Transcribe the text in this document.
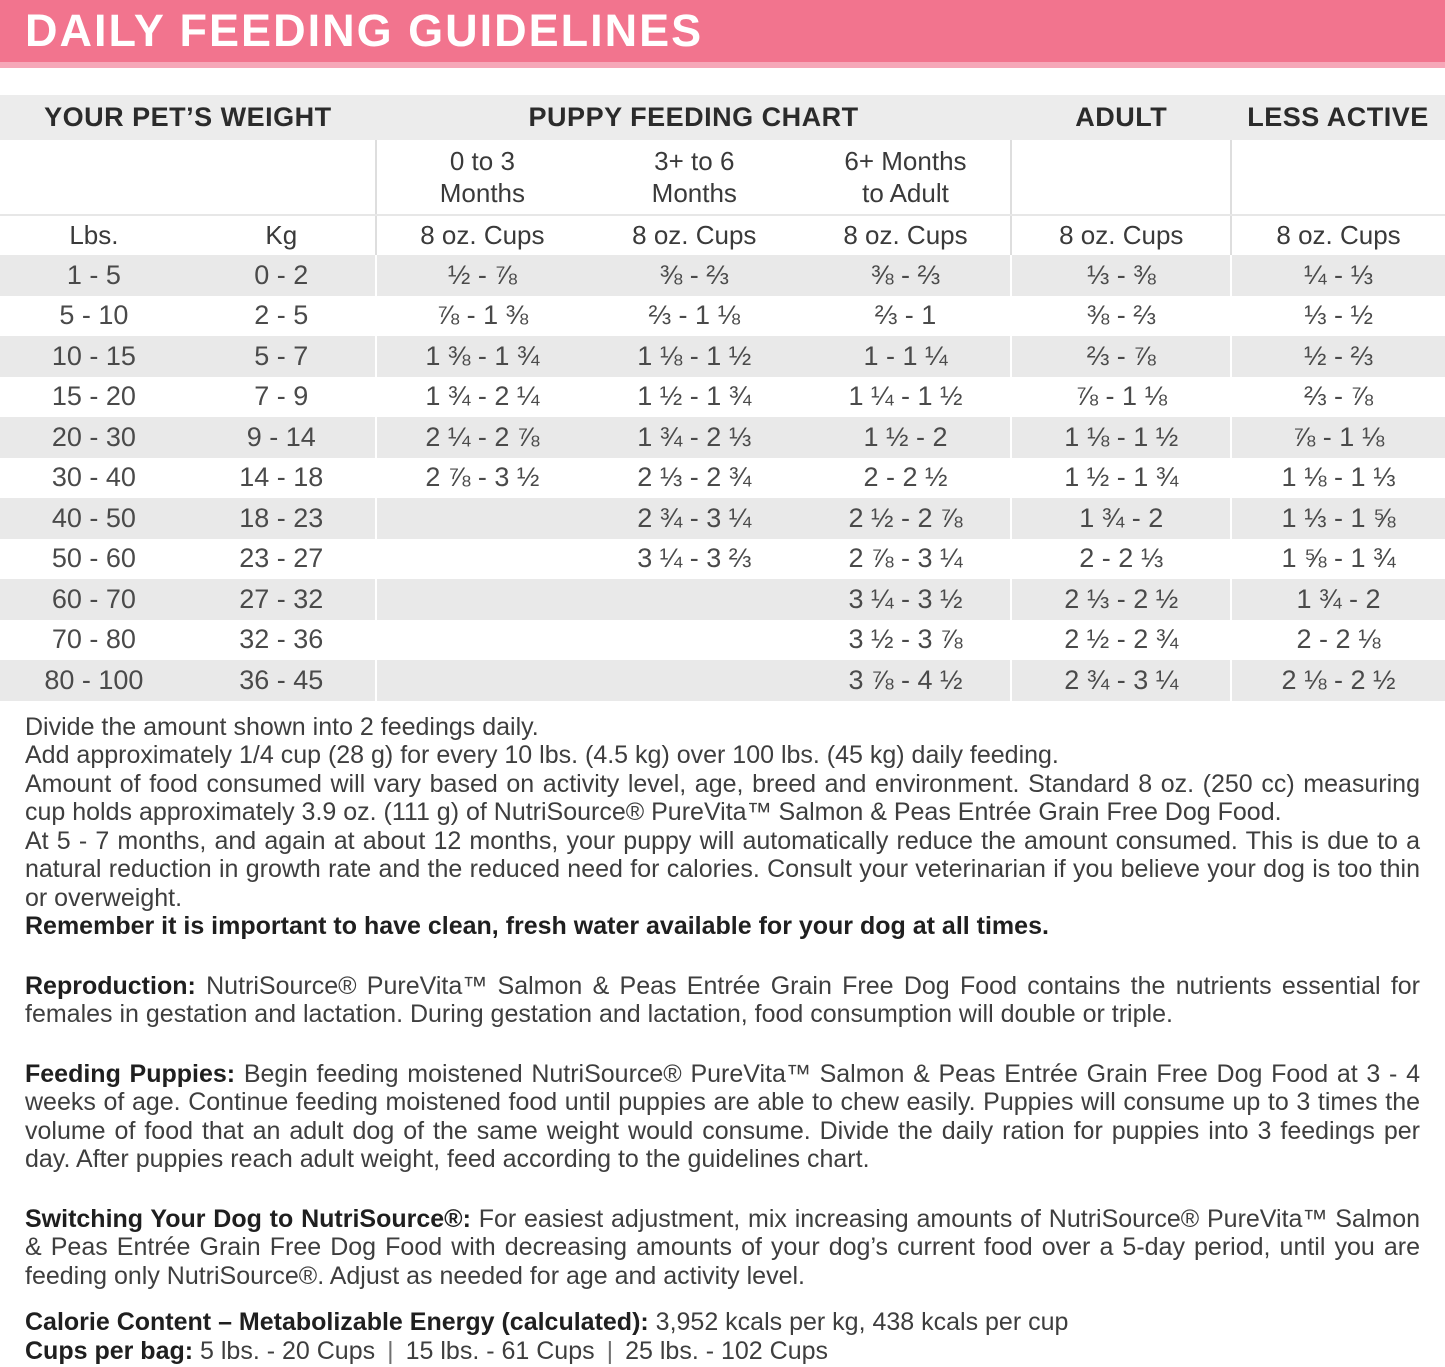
DAILY FEEDING GUIDELINES
YOUR PET’S WEIGHT		PUPPY FEEDING CHART			ADULT	LESS ACTIVE

0 to 3
Months

3+ to 6
Months

6+ Months
to Adult

Lbs.	Kg	8 oz. Cups	8 oz. Cups	8 oz. Cups	8 oz. Cups	8 oz. Cups
1 - 5	0 - 2	½ - ⅞	⅜ - ⅔	⅜ - ⅔	⅓ - ⅜	¼ - ⅓
5 - 10	2 - 5	⅞ - 1 ⅜	⅔ - 1 ⅛	⅔ - 1	⅜ - ⅔	⅓ - ½
10 - 15	5 - 7	1 ⅜ - 1 ¾	1 ⅛ - 1 ½	1 - 1 ¼	⅔ - ⅞	½ - ⅔
15 - 20	7 - 9	1 ¾ - 2 ¼	1 ½ - 1 ¾	1 ¼ - 1 ½	⅞ - 1 ⅛	⅔ - ⅞
20 - 30	9 - 14	2 ¼ - 2 ⅞	1 ¾ - 2 ⅓	1 ½ - 2	1 ⅛ - 1 ½	⅞ - 1 ⅛
30 - 40	14 - 18	2 ⅞ - 3 ½	2 ⅓ - 2 ¾	2 - 2 ½	1 ½ - 1 ¾	1 ⅛ - 1 ⅓
40 - 50	18 - 23		2 ¾ - 3 ¼	2 ½ - 2 ⅞	1 ¾ - 2	1 ⅓ - 1 ⅝
50 - 60	23 - 27		3 ¼ - 3 ⅔	2 ⅞ - 3 ¼	2 - 2 ⅓	1 ⅝ - 1 ¾
60 - 70	27 - 32			3 ¼ - 3 ½	2 ⅓ - 2 ½	1 ¾ - 2
70 - 80	32 - 36			3 ½ - 3 ⅞	2 ½ - 2 ¾	2 - 2 ⅛
80 - 100	36 - 45			3 ⅞ - 4 ½	2 ¾ - 3 ¼	2 ⅛ - 2 ½

Divide the amount shown into 2 feedings daily.

Add approximately 1/4 cup (28 g) for every 10 lbs. (4.5 kg) over 100 lbs. (45 kg) daily feeding.

Amount of food consumed will vary based on activity level, age, breed and environment. Standard 8 oz. (250 cc) measuring cup holds approximately 3.9 oz. (111 g) of NutriSource® PureVita™ Salmon & Peas Entrée Grain Free Dog Food.

At 5 - 7 months, and again at about 12 months, your puppy will automatically reduce the amount consumed. This is due to a natural reduction in growth rate and the reduced need for calories. Consult your veterinarian if you believe your dog is too thin or overweight.

Remember it is important to have clean, fresh water available for your dog at all times.

Reproduction: NutriSource® PureVita™ Salmon & Peas Entrée Grain Free Dog Food contains the nutrients essential for females in gestation and lactation. During gestation and lactation, food consumption will double or triple.

Feeding Puppies: Begin feeding moistened NutriSource® PureVita™ Salmon & Peas Entrée Grain Free Dog Food at 3 - 4 weeks of age. Continue feeding moistened food until puppies are able to chew easily. Puppies will consume up to 3 times the volume of food that an adult dog of the same weight would consume. Divide the daily ration for puppies into 3 feedings per day. After puppies reach adult weight, feed according to the guidelines chart.

Switching Your Dog to NutriSource®: For easiest adjustment, mix increasing amounts of NutriSource® PureVita™ Salmon & Peas Entrée Grain Free Dog Food with decreasing amounts of your dog’s current food over a 5-day period, until you are feeding only NutriSource®. Adjust as needed for age and activity level.

Calorie Content – Metabolizable Energy (calculated): 3,952 kcals per kg, 438 kcals per cup

Cups per bag: 5 lbs. - 20 Cups | 15 lbs. - 61 Cups | 25 lbs. - 102 Cups
